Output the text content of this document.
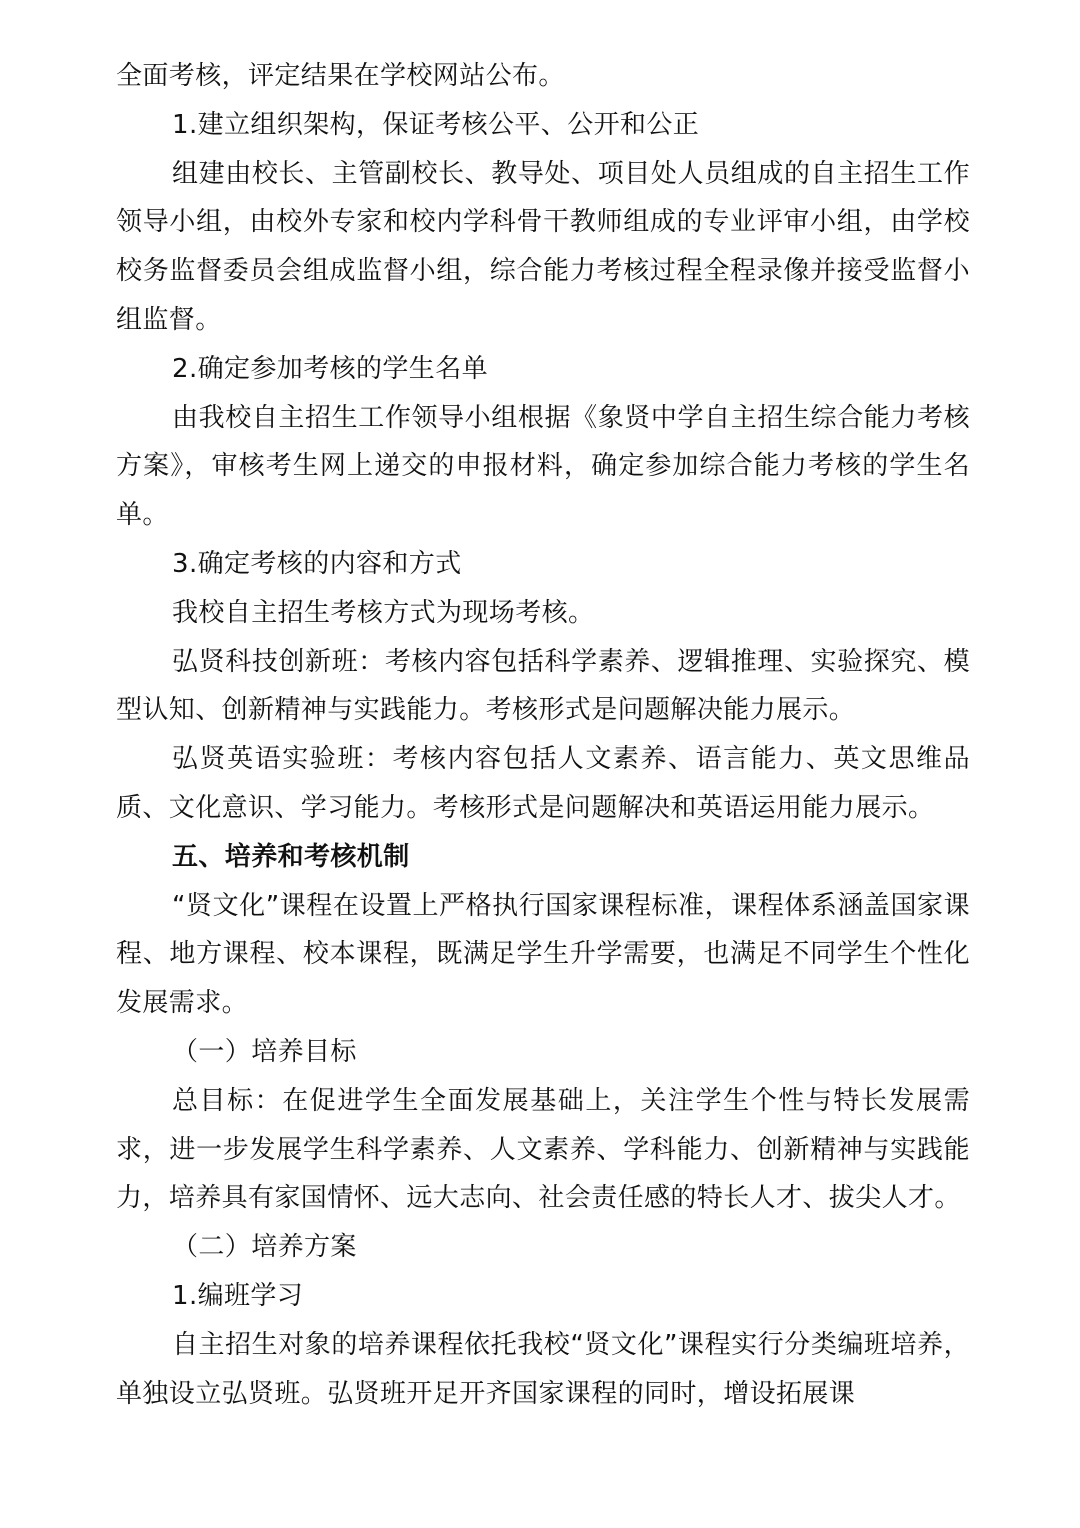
全面考核，评定结果在学校网站公布。

1.建立组织架构，保证考核公平、公开和公正

组建由校长、主管副校长、教导处、项目处人员组成的自主招生工作领导小组，由校外专家和校内学科骨干教师组成的专业评审小组，由学校校务监督委员会组成监督小组，综合能力考核过程全程录像并接受监督小组监督。

2.确定参加考核的学生名单

由我校自主招生工作领导小组根据《象贤中学自主招生综合能力考核方案》，审核考生网上递交的申报材料，确定参加综合能力考核的学生名单。

3.确定考核的内容和方式

我校自主招生考核方式为现场考核。

弘贤科技创新班：考核内容包括科学素养、逻辑推理、实验探究、模型认知、创新精神与实践能力。考核形式是问题解决能力展示。

弘贤英语实验班：考核内容包括人文素养、语言能力、英文思维品质、文化意识、学习能力。考核形式是问题解决和英语运用能力展示。

五、培养和考核机制

“贤文化”课程在设置上严格执行国家课程标准，课程体系涵盖国家课程、地方课程、校本课程，既满足学生升学需要，也满足不同学生个性化发展需求。

（一）培养目标

总目标：在促进学生全面发展基础上，关注学生个性与特长发展需求，进一步发展学生科学素养、人文素养、学科能力、创新精神与实践能力，培养具有家国情怀、远大志向、社会责任感的特长人才、拔尖人才。

（二）培养方案

1.编班学习

自主招生对象的培养课程依托我校“贤文化”课程实行分类编班培养，单独设立弘贤班。弘贤班开足开齐国家课程的同时，增设拓展课
